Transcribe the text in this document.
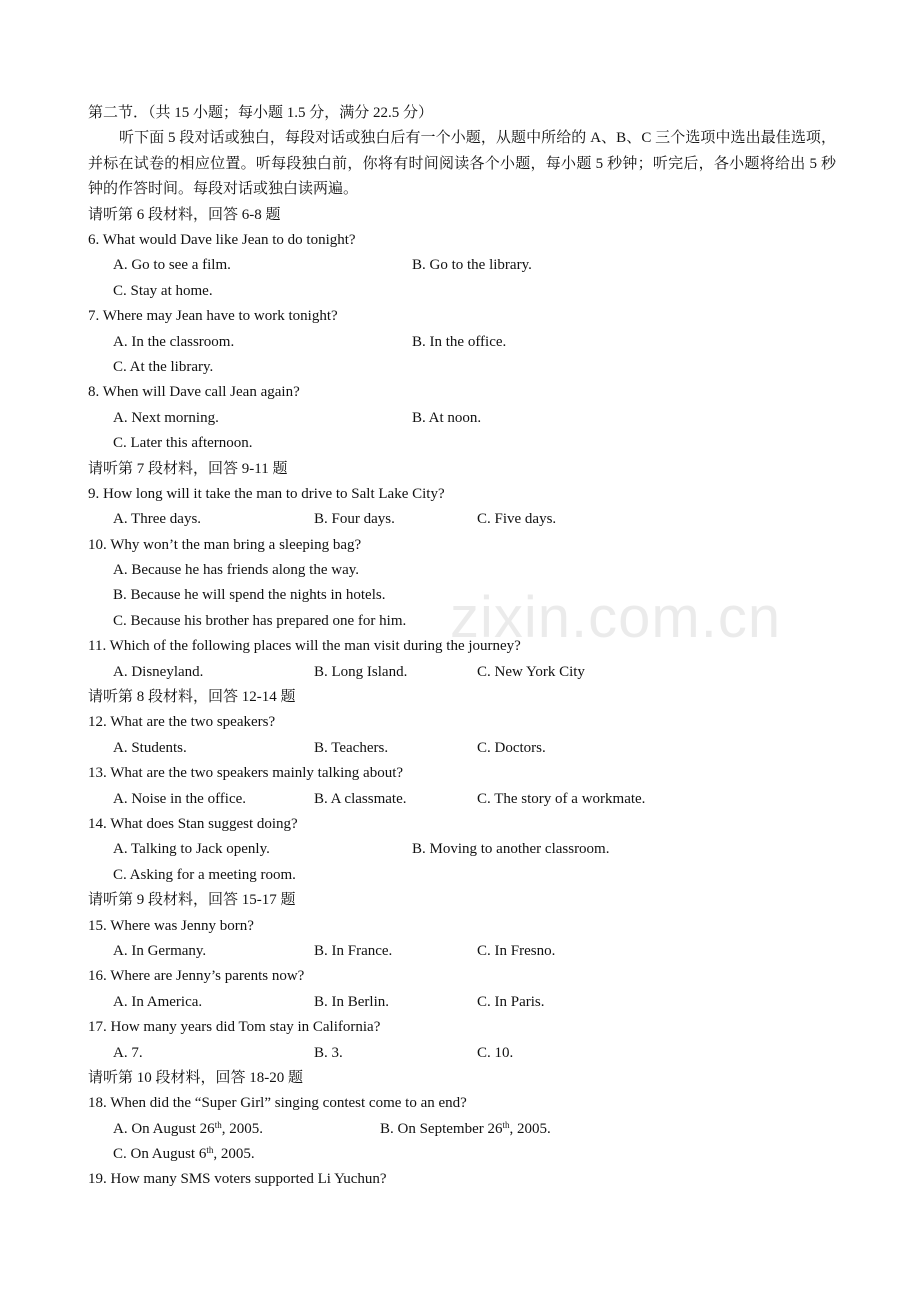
zixin.com.cn
第二节．（共 15 小题；每小题 1.5 分，满分 22.5 分）
听下面 5 段对话或独白，每段对话或独白后有一个小题，从题中所给的 A、B、C 三个选项中选出最佳选项，并标在试卷的相应位置。听每段独白前，你将有时间阅读各个小题，每小题 5 秒钟；听完后，各小题将给出 5 秒钟的作答时间。每段对话或独白读两遍。
请听第 6 段材料，回答 6-8 题
6. What would Dave like Jean to do tonight?
A. Go to see a film.	B. Go to the library.
C. Stay at home.
7. Where may Jean have to work tonight?
A. In the classroom.	B. In the office.
C. At the library.
8. When will Dave call Jean again?
A. Next morning.	B. At noon.
C. Later this afternoon.
请听第 7 段材料，回答 9-11 题
9. How long will it take the man to drive to Salt Lake City?
A. Three days.	B. Four days.	C. Five days.
10. Why won’t the man bring a sleeping bag?
A. Because he has friends along the way.
B. Because he will spend the nights in hotels.
C. Because his brother has prepared one for him.
11. Which of the following places will the man visit during the journey?
A. Disneyland.	B. Long Island.	C. New York City
请听第 8 段材料，回答 12-14 题
12. What are the two speakers?
A. Students.	B. Teachers.	C. Doctors.
13. What are the two speakers mainly talking about?
A. Noise in the office.	B. A classmate.	C. The story of a workmate.
14. What does Stan suggest doing?
A. Talking to Jack openly.	B. Moving to another classroom.
C. Asking for a meeting room.
请听第 9 段材料，回答 15-17 题
15. Where was Jenny born?
A. In Germany.	B. In France.	C. In Fresno.
16. Where are Jenny’s parents now?
A. In America.	B. In Berlin.	C. In Paris.
17. How many years did Tom stay in California?
A. 7.	B. 3.	C. 10.
请听第 10 段材料，回答 18-20 题
18. When did the “Super Girl” singing contest come to an end?
A. On August 26th, 2005.	B. On September 26th, 2005.
C. On August 6th, 2005.
19. How many SMS voters supported Li Yuchun?
